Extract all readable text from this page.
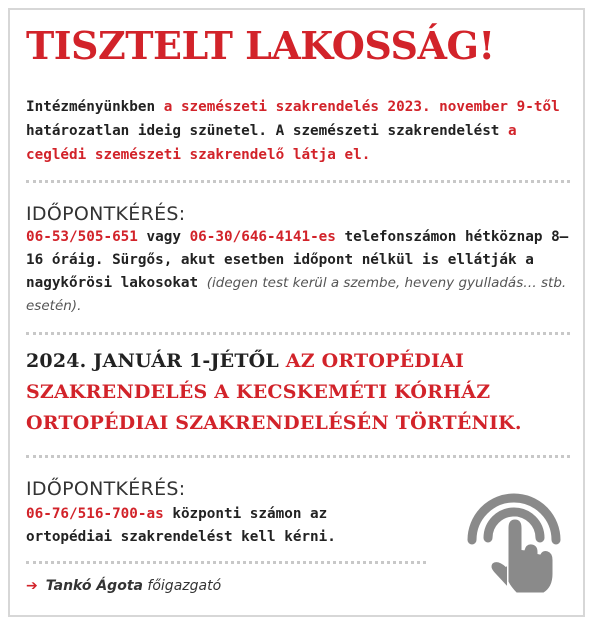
TISZTELT LAKOSSÁG!
Intézményünkben a szemészeti szakrendelés 2023. november 9-től határozatlan ideig szünetel. A szemészeti szakrendelést a ceglédi szemészeti szakrendelő látja el.
IDŐPONTKÉRÉS:
06-53/505-651 vagy 06-30/646-4141-es telefonszámon hétköznap 8–16 óráig. Sürgős, akut esetben időpont nélkül is ellátják a nagykőrösi lakosokat (idegen test kerül a szembe, heveny gyulladás… stb. esetén).
2024. JANUÁR 1-JÉTŐL AZ ORTOPÉDIAI SZAKRENDELÉS A KECSKEMÉTI KÓRHÁZ ORTOPÉDIAI SZAKRENDELÉSÉN TÖRTÉNIK.
IDŐPONTKÉRÉS:
06-76/516-700-as központi számon az ortopédiai szakrendelést kell kérni.
➔ Tankó Ágota főigazgató
